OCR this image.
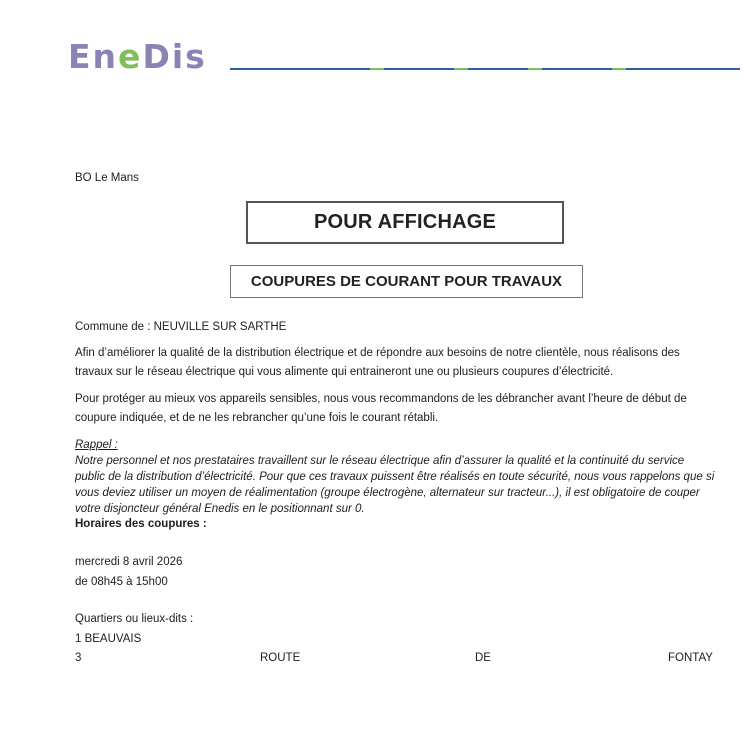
EneDis
BO Le Mans
POUR AFFICHAGE
COUPURES DE COURANT POUR TRAVAUX
Commune de : NEUVILLE SUR SARTHE
Afin d’améliorer la qualité de la distribution électrique et de répondre aux besoins de notre clientèle, nous réalisons des travaux sur le réseau électrique qui vous alimente qui entraineront une ou plusieurs coupures d’électricité.
Pour protéger au mieux vos appareils sensibles, nous vous recommandons de les débrancher avant l’heure de début de coupure indiquée, et de ne les rebrancher qu’une fois le courant rétabli.
Rappel :
Notre personnel et nos prestataires travaillent sur le réseau électrique afin d’assurer la qualité et la continuité du service public de la distribution d’électricité. Pour que ces travaux puissent être réalisés en toute sécurité, nous vous rappelons que si vous deviez utiliser un moyen de réalimentation (groupe électrogène, alternateur sur tracteur...), il est obligatoire de couper votre disjoncteur général Enedis en le positionnant sur 0.
Horaires des coupures :
mercredi 8 avril 2026
de 08h45 à 15h00
Quartiers ou lieux-dits :
1 BEAUVAIS
3	ROUTE	DE	FONTAY
